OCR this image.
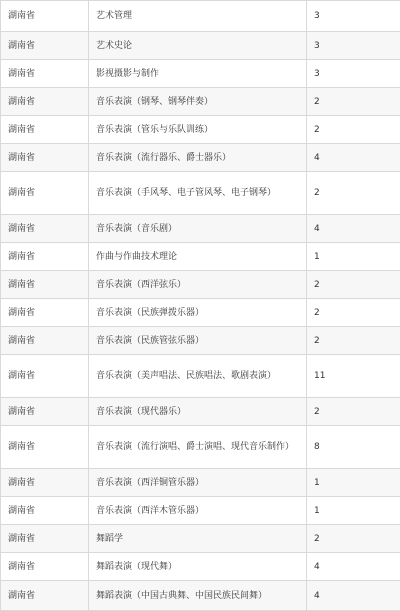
湖南省	艺术管理	3
湖南省	艺术史论	3
湖南省	影视摄影与制作	3
湖南省	音乐表演（钢琴、钢琴伴奏）	2
湖南省	音乐表演（管乐与乐队训练）	2
湖南省	音乐表演（流行器乐、爵士器乐）	4
湖南省	音乐表演（手风琴、电子管风琴、电子钢琴）	2
湖南省	音乐表演（音乐剧）	4
湖南省	作曲与作曲技术理论	1
湖南省	音乐表演（西洋弦乐）	2
湖南省	音乐表演（民族弹拨乐器）	2
湖南省	音乐表演（民族管弦乐器）	2
湖南省	音乐表演（美声唱法、民族唱法、歌剧表演）	11
湖南省	音乐表演（现代器乐）	2
湖南省	音乐表演（流行演唱、爵士演唱、现代音乐制作）	8
湖南省	音乐表演（西洋铜管乐器）	1
湖南省	音乐表演（西洋木管乐器）	1
湖南省	舞蹈学	2
湖南省	舞蹈表演（现代舞）	4
湖南省	舞蹈表演（中国古典舞、中国民族民间舞）	4
